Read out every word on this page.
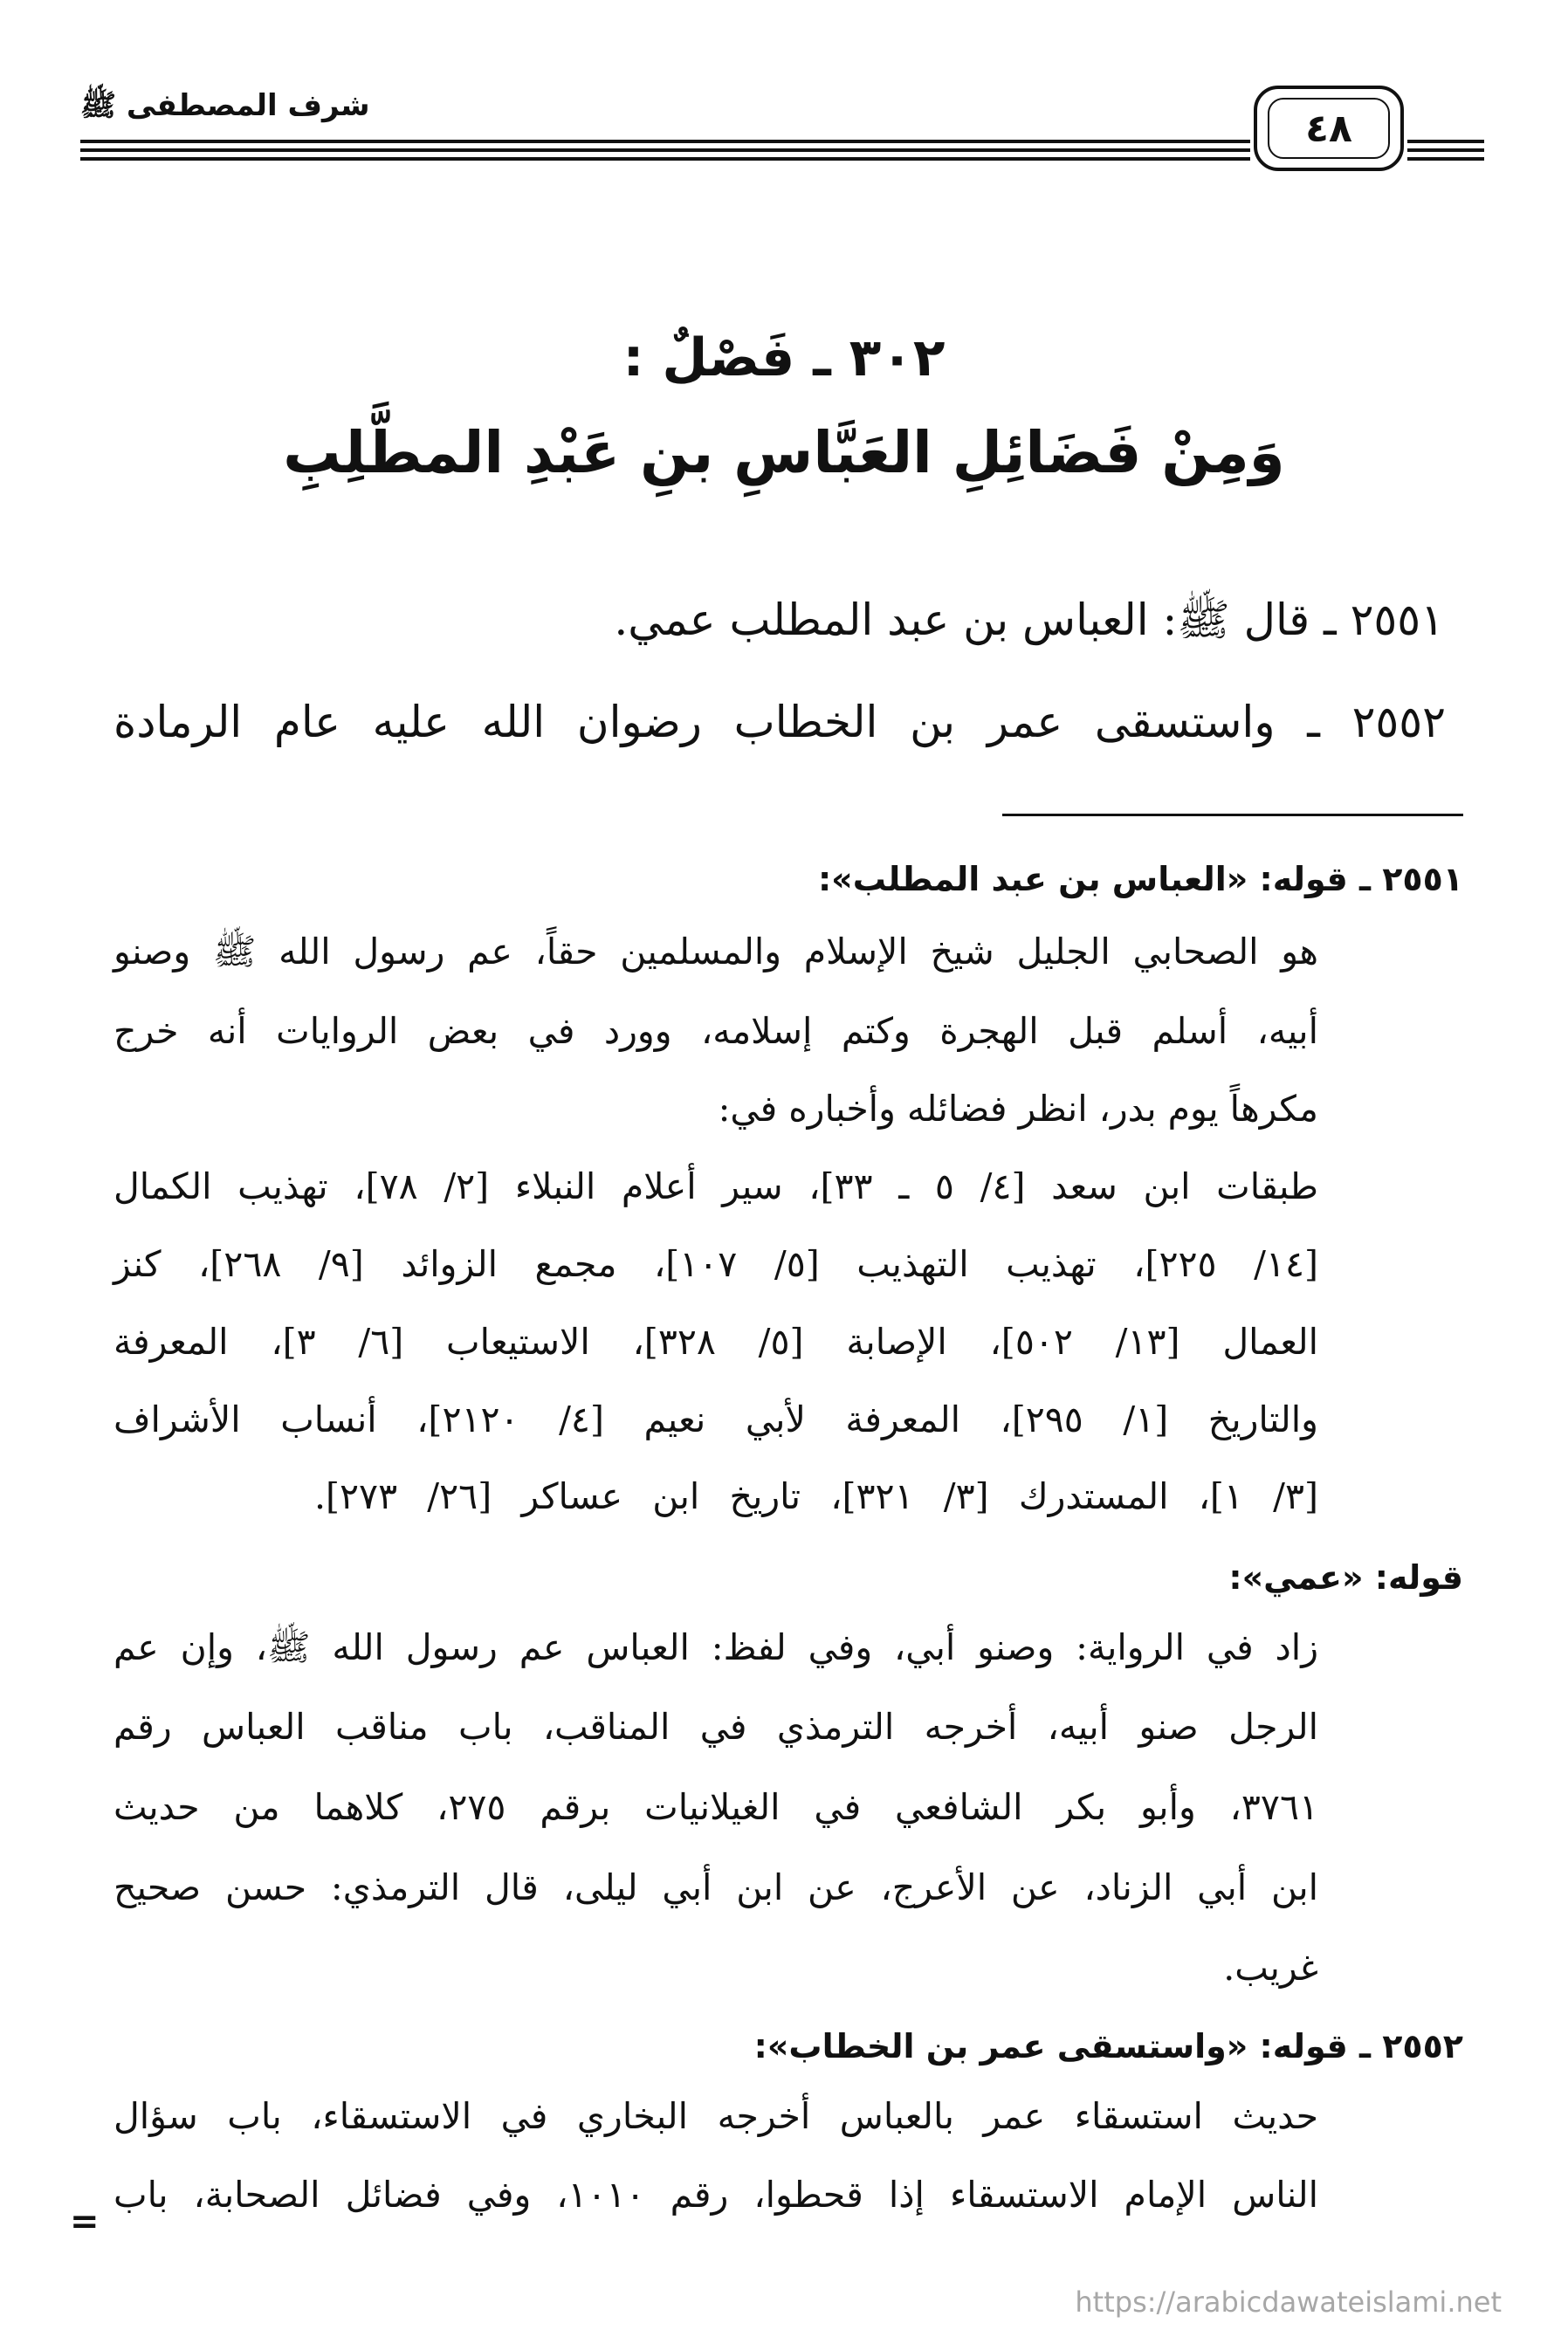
شرف المصطفى ﷺ
٤٨
٣٠٢ ـ فَصْلٌ :
وَمِنْ فَضَائِلِ العَبَّاسِ بنِ عَبْدِ المطَّلِبِ
٢٥٥١ ـ قال ﷺ: العباس بن عبد المطلب عمي.
٢٥٥٢ ـ واستسقى عمر بن الخطاب رضوان الله عليه عام الرمادة
٢٥٥١ ـ قوله: «العباس بن عبد المطلب»:
هو الصحابي الجليل شيخ الإسلام والمسلمين حقاً، عم رسول الله ﷺ وصنو
أبيه، أسلم قبل الهجرة وكتم إسلامه، وورد في بعض الروايات أنه خرج
مكرهاً يوم بدر، انظر فضائله وأخباره في:
طبقات ابن سعد [٤/ ٥ ـ ٣٣]، سير أعلام النبلاء [٢/ ٧٨]، تهذيب الكمال
[١٤/ ٢٢٥]، تهذيب التهذيب [٥/ ١٠٧]، مجمع الزوائد [٩/ ٢٦٨]، كنز
العمال [١٣/ ٥٠٢]، الإصابة [٥/ ٣٢٨]، الاستيعاب [٦/ ٣]، المعرفة
والتاريخ [١/ ٢٩٥]، المعرفة لأبي نعيم [٤/ ٢١٢٠]، أنساب الأشراف
[٣/ ١]، المستدرك [٣/ ٣٢١]، تاريخ ابن عساكر [٢٦/ ٢٧٣].
قوله: «عمي»:
زاد في الرواية: وصنو أبي، وفي لفظ: العباس عم رسول الله ﷺ، وإن عم
الرجل صنو أبيه، أخرجه الترمذي في المناقب، باب مناقب العباس رقم
٣٧٦١، وأبو بكر الشافعي في الغيلانيات برقم ٢٧٥، كلاهما من حديث
ابن أبي الزناد، عن الأعرج، عن ابن أبي ليلى، قال الترمذي: حسن صحيح
غريب.
٢٥٥٢ ـ قوله: «واستسقى عمر بن الخطاب»:
حديث استسقاء عمر بالعباس أخرجه البخاري في الاستسقاء، باب سؤال
الناس الإمام الاستسقاء إذا قحطوا، رقم ١٠١٠، وفي فضائل الصحابة، باب
=
https://arabicdawateislami.net
